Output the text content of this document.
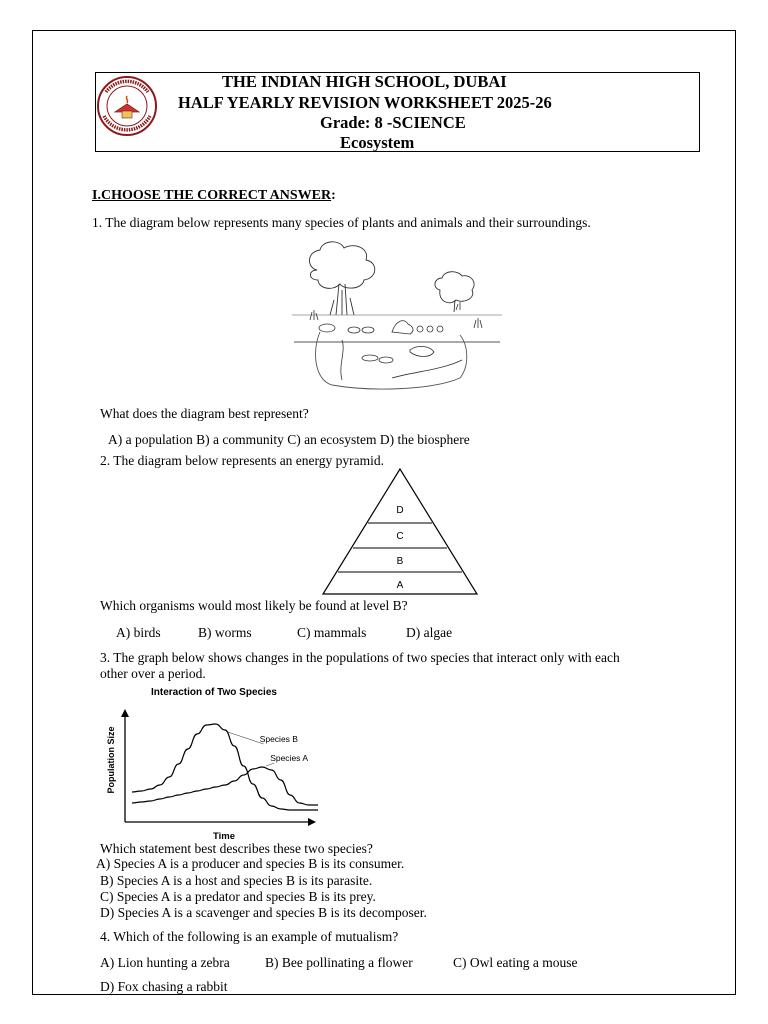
THE INDIAN HIGH SCHOOL, DUBAI
HALF YEARLY REVISION WORKSHEET 2025-26
Grade: 8 -SCIENCE
Ecosystem
I.CHOOSE THE CORRECT ANSWER:
1. The diagram below represents many species of plants and animals and their surroundings.
What does the diagram best represent?
A) a population B) a community C) an ecosystem D) the biosphere
2. The diagram below represents an energy pyramid.
D
C
B
A
Which organisms would most likely be found at level B?
A) birds	B) worms	C) mammals	D) algae
3. The graph below shows changes in the populations of two species that interact only with each
other over a period.
Interaction of Two Species
Time
Population Size	Species B
Species A
Which statement best describes these two species?
A) Species A is a producer and species B is its consumer.
B) Species A is a host and species B is its parasite.
C) Species A is a predator and species B is its prey.
D) Species A is a scavenger and species B is its decomposer.
4. Which of the following is an example of mutualism?
A) Lion hunting a zebra	B) Bee pollinating a flower	C) Owl eating a mouse
D) Fox chasing a rabbit
